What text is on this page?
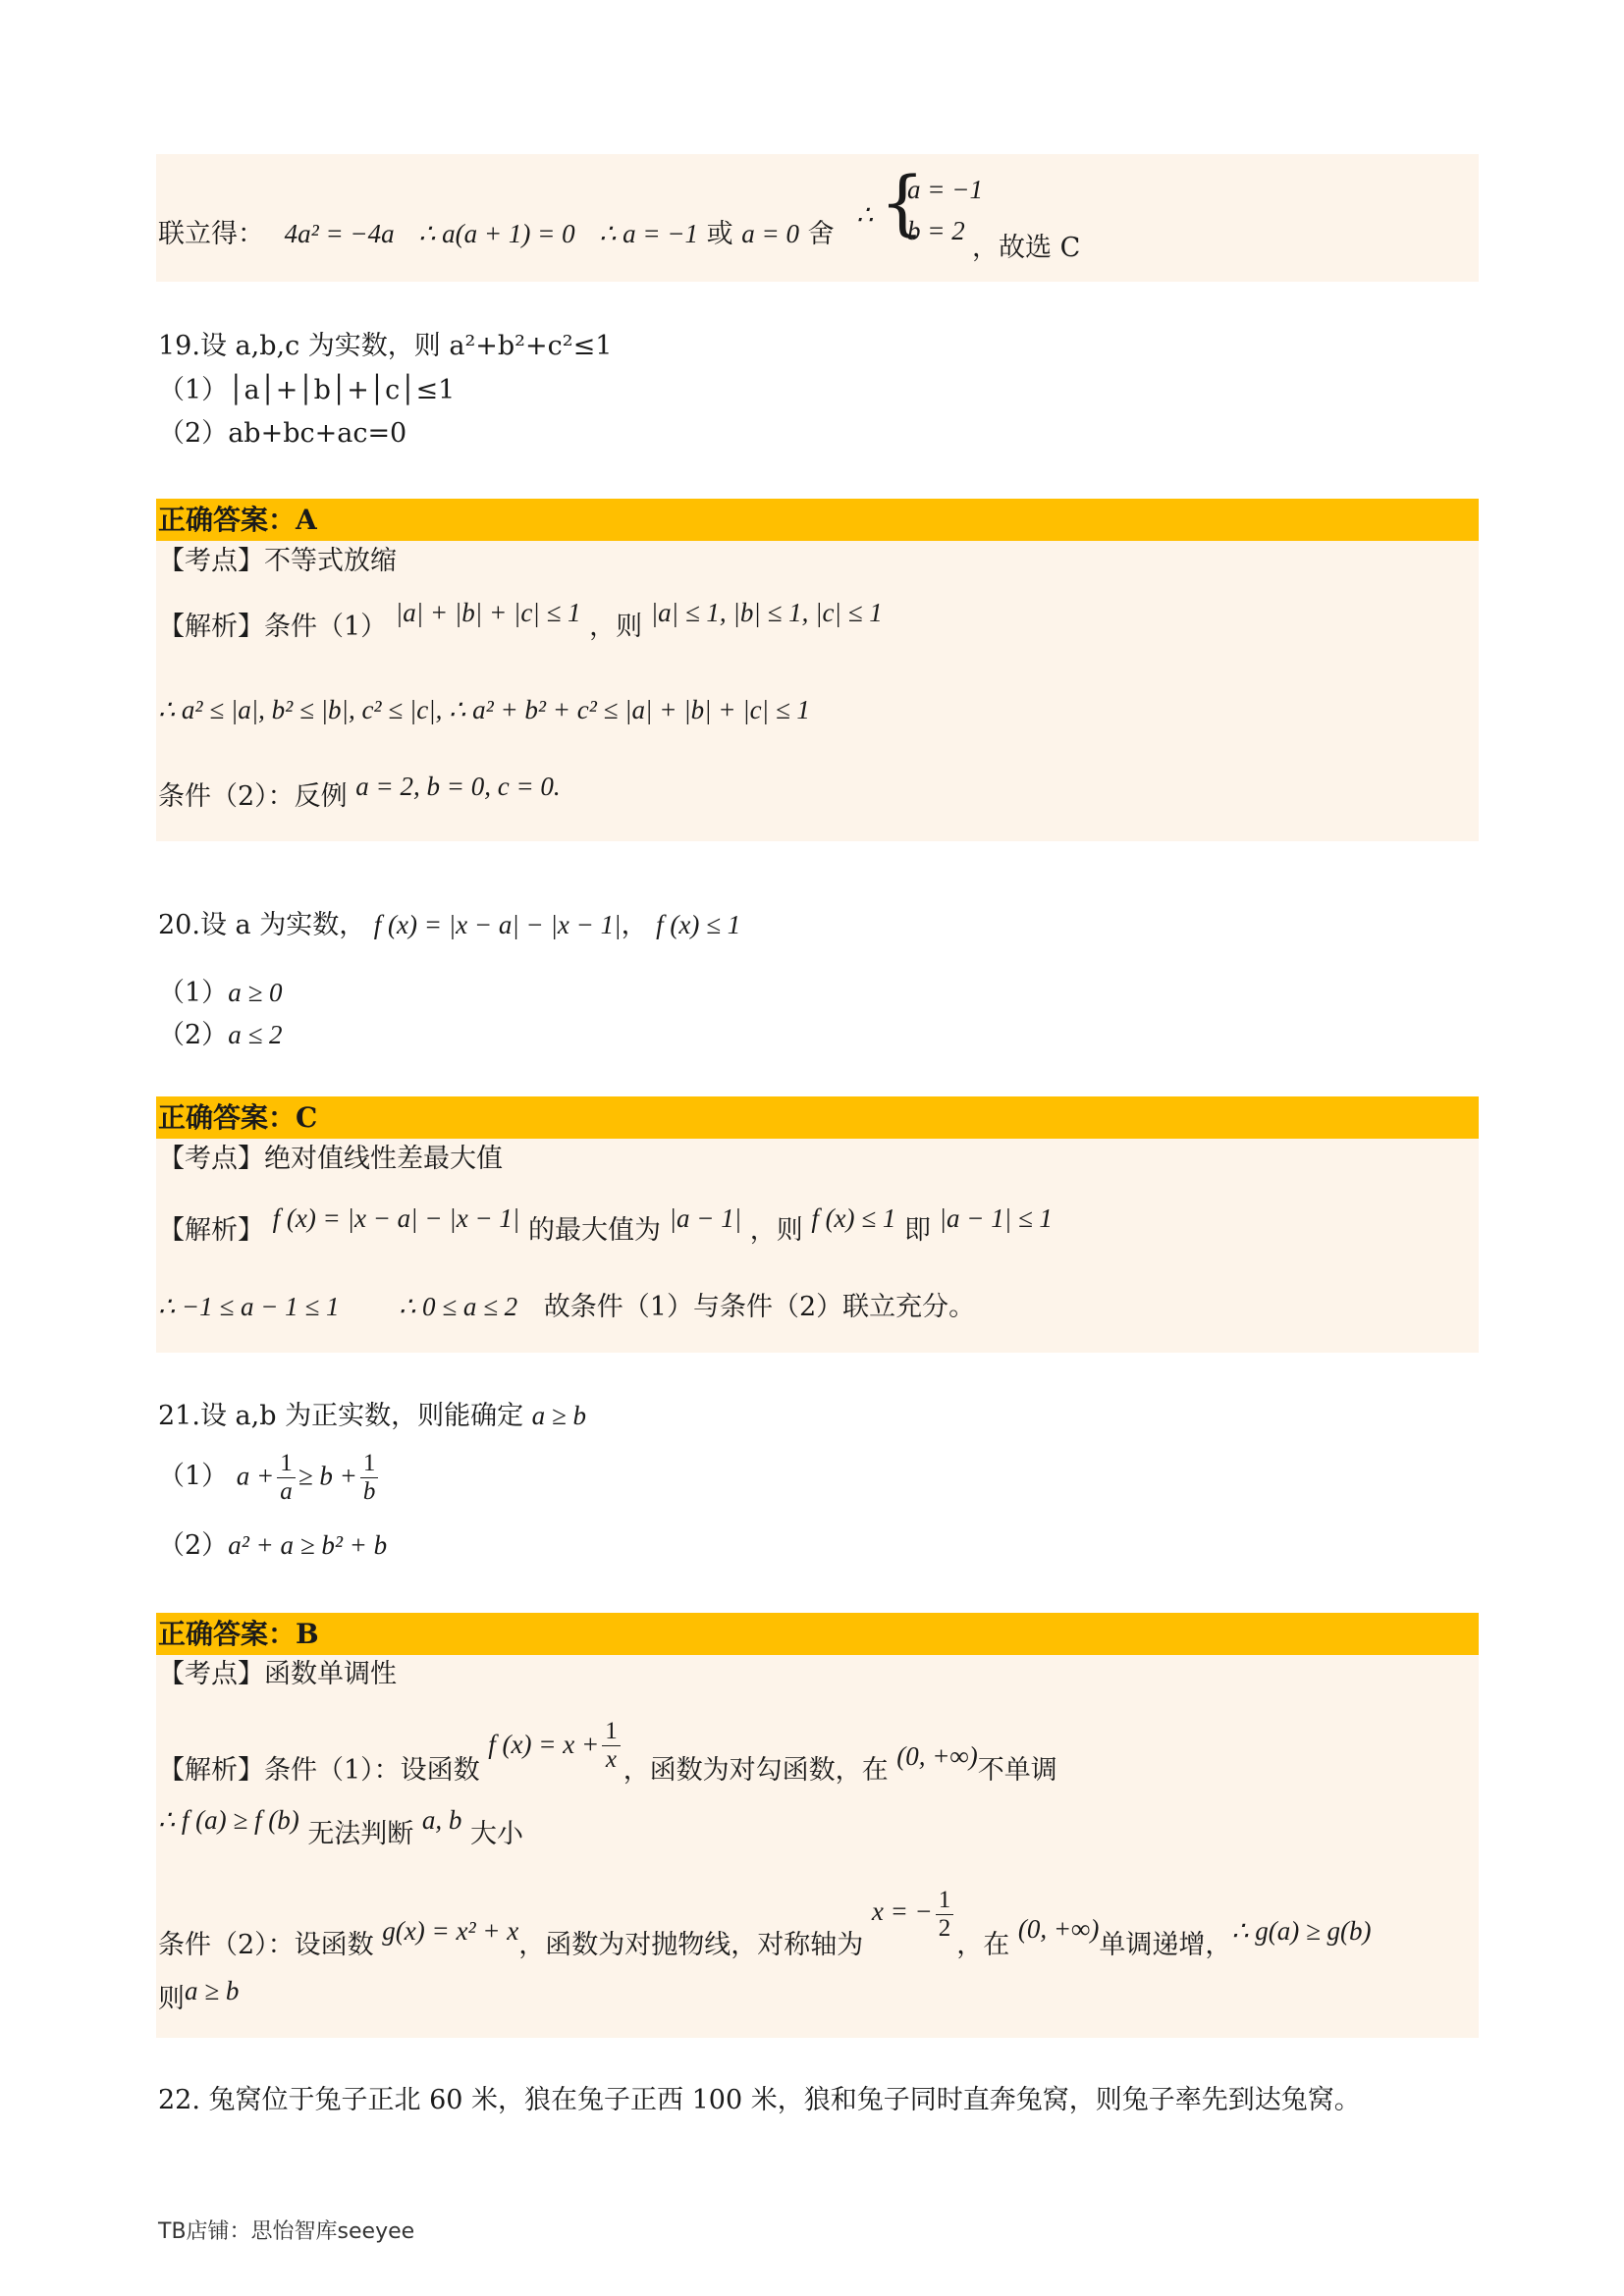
联立得： 4a² = −4a ∴ a(a + 1) = 0 ∴ a = −1 或 a = 0 舍
∴ {
a = −1
b = 2
，故选 C
19.设 a,b,c 为实数，则 a²+b²+c²≤1
（1）│a│+│b│+│c│≤1
（2）ab+bc+ac=0
正确答案：A
【考点】不等式放缩
【解析】条件（1） |a| + |b| + |c| ≤ 1 ，则 |a| ≤ 1, |b| ≤ 1, |c| ≤ 1
∴ a² ≤ |a|, b² ≤ |b|, c² ≤ |c|, ∴ a² + b² + c² ≤ |a| + |b| + |c| ≤ 1
条件（2）：反例 a = 2, b = 0, c = 0.
20.设 a 为实数， f (x) = |x − a| − |x − 1|， f (x) ≤ 1
（1）a ≥ 0
（2）a ≤ 2
正确答案：C
【考点】绝对值线性差最大值
【解析】 f (x) = |x − a| − |x − 1| 的最大值为 |a − 1| ，则 f (x) ≤ 1 即 |a − 1| ≤ 1
∴ −1 ≤ a − 1 ≤ 1 ∴ 0 ≤ a ≤ 2 故条件（1）与条件（2）联立充分。
21.设 a,b 为正实数，则能确定 a ≥ b
（1） $a + \frac{1}{a} \ge b + \frac{1}{b}$
（2）a² + a ≥ b² + b
正确答案：B
【考点】函数单调性
【解析】条件（1）：设函数 f $(x) = x + \frac{1}{x}$ ，函数为对勾函数，在 (0, +∞)不单调
∴ f (a) ≥ f (b) 无法判断 a, b 大小
条件（2）：设函数 g(x) = x² + x，函数为对抛物线，对称轴为 x = − $\frac{1}{2}$
，在 (0, +∞)单调递增，∴ g(a) ≥ g(b)
则a ≥ b
22. 兔窝位于兔子正北 60 米，狼在兔子正西 100 米，狼和兔子同时直奔兔窝，则兔子率先到达兔窝。
TB店铺：思怡智库seeyee
